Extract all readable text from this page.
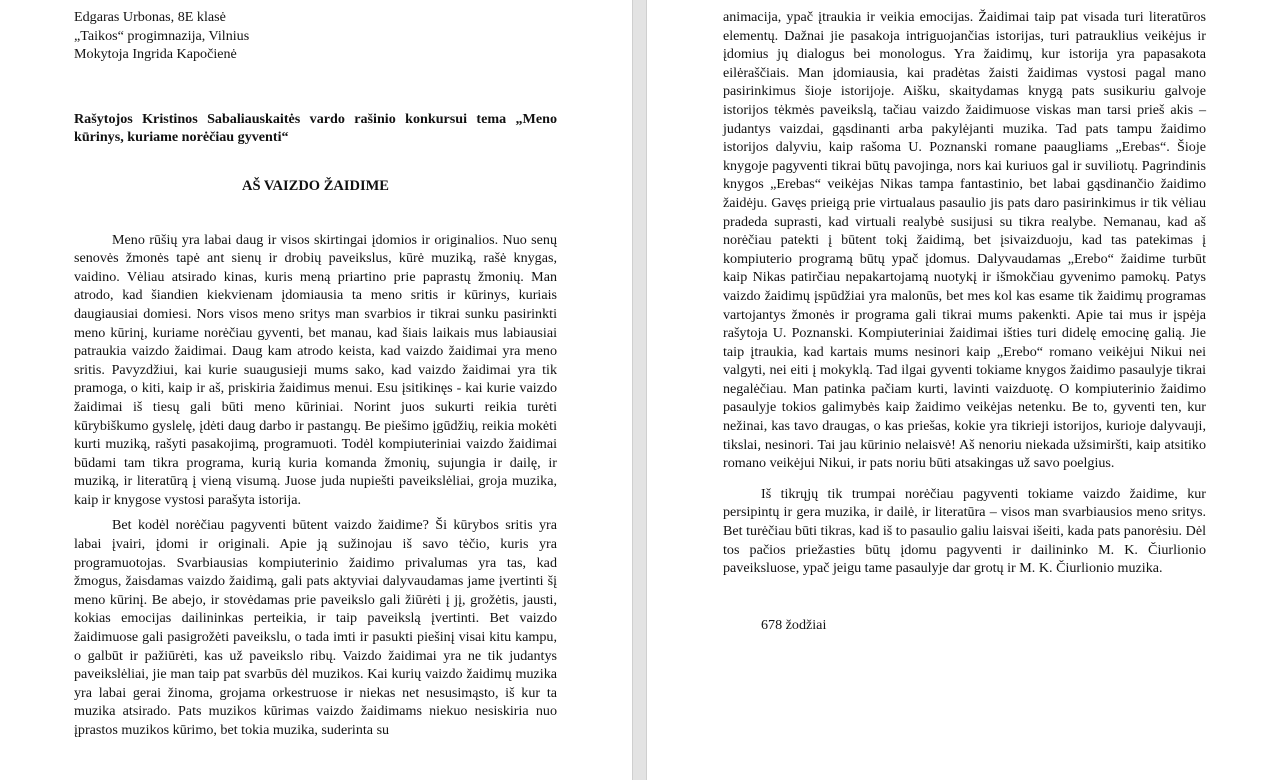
Edgaras Urbonas, 8E klasė

„Taikos“ progimnazija, Vilnius

Mokytoja Ingrida Kapočienė

Rašytojos Kristinos Sabaliauskaitės vardo rašinio konkursui tema „Meno kūrinys, kuriame norėčiau gyventi“

AŠ VAIZDO ŽAIDIME

Meno rūšių yra labai daug ir visos skirtingai įdomios ir originalios. Nuo senų senovės žmonės tapė ant sienų ir drobių paveikslus, kūrė muziką, rašė knygas, vaidino. Vėliau atsirado kinas, kuris meną priartino prie paprastų žmonių. Man atrodo, kad šiandien kiekvienam įdomiausia ta meno sritis ir kūrinys, kuriais daugiausiai domiesi. Nors visos meno sritys man svarbios ir tikrai sunku pasirinkti meno kūrinį, kuriame norėčiau gyventi, bet manau, kad šiais laikais mus labiausiai patraukia vaizdo žaidimai. Daug kam atrodo keista, kad vaizdo žaidimai yra meno sritis. Pavyzdžiui, kai kurie suaugusieji mums sako, kad vaizdo žaidimai yra tik pramoga, o kiti, kaip ir aš, priskiria žaidimus menui. Esu įsitikinęs - kai kurie vaizdo žaidimai iš tiesų gali būti meno kūriniai. Norint juos sukurti reikia turėti kūrybiškumo gyslelę, įdėti daug darbo ir pastangų. Be piešimo įgūdžių, reikia mokėti kurti muziką, rašyti pasakojimą, programuoti. Todėl kompiuteriniai vaizdo žaidimai būdami tam tikra programa, kurią kuria komanda žmonių, sujungia ir dailę, ir muziką, ir literatūrą į vieną visumą. Juose juda nupiešti paveikslėliai, groja muzika, kaip ir knygose vystosi parašyta istorija.

Bet kodėl norėčiau pagyventi būtent vaizdo žaidime? Ši kūrybos sritis yra labai įvairi, įdomi ir originali. Apie ją sužinojau iš savo tėčio, kuris yra programuotojas. Svarbiausias kompiuterinio žaidimo privalumas yra tas, kad žmogus, žaisdamas vaizdo žaidimą, gali pats aktyviai dalyvaudamas jame įvertinti šį meno kūrinį. Be abejo, ir stovėdamas prie paveikslo gali žiūrėti į jį, grožėtis, jausti, kokias emocijas dailininkas perteikia, ir taip paveikslą įvertinti. Bet vaizdo žaidimuose gali pasigrožėti paveikslu, o tada imti ir pasukti piešinį visai kitu kampu, o galbūt ir pažiūrėti, kas už paveikslo ribų. Vaizdo žaidimai yra ne tik judantys paveikslėliai, jie man taip pat svarbūs dėl muzikos. Kai kurių vaizdo žaidimų muzika yra labai gerai žinoma, grojama orkestruose ir niekas net nesusimąsto, iš kur ta muzika atsirado. Pats muzikos kūrimas vaizdo žaidimams niekuo nesiskiria nuo įprastos muzikos kūrimo, bet tokia muzika, suderinta su

animacija, ypač įtraukia ir veikia emocijas. Žaidimai taip pat visada turi literatūros elementų. Dažnai jie pasakoja intriguojančias istorijas, turi patrauklius veikėjus ir įdomius jų dialogus bei monologus. Yra žaidimų, kur istorija yra papasakota eilėraščiais. Man įdomiausia, kai pradėtas žaisti žaidimas vystosi pagal mano pasirinkimus šioje istorijoje. Aišku, skaitydamas knygą pats susikuriu galvoje istorijos tėkmės paveikslą, tačiau vaizdo žaidimuose viskas man tarsi prieš akis – judantys vaizdai, gąsdinanti arba pakylėjanti muzika. Tad pats tampu žaidimo istorijos dalyviu, kaip rašoma U. Poznanski romane paaugliams „Erebas“. Šioje knygoje pagyventi tikrai būtų pavojinga, nors kai kuriuos gal ir suviliotų. Pagrindinis knygos „Erebas“ veikėjas Nikas tampa fantastinio, bet labai gąsdinančio žaidimo žaidėju. Gavęs prieigą prie virtualaus pasaulio jis pats daro pasirinkimus ir tik vėliau pradeda suprasti, kad virtuali realybė susijusi su tikra realybe. Nemanau, kad aš norėčiau patekti į būtent tokį žaidimą, bet įsivaizduoju, kad tas patekimas į kompiuterio programą būtų ypač įdomus. Dalyvaudamas „Erebo“ žaidime turbūt kaip Nikas patirčiau nepakartojamą nuotykį ir išmokčiau gyvenimo pamokų. Patys vaizdo žaidimų įspūdžiai yra malonūs, bet mes kol kas esame tik žaidimų programas vartojantys žmonės ir programa gali tikrai mums pakenkti. Apie tai mus ir įspėja rašytoja U. Poznanski. Kompiuteriniai žaidimai išties turi didelę emocinę galią. Jie taip įtraukia, kad kartais mums nesinori kaip „Erebo“ romano veikėjui Nikui nei valgyti, nei eiti į mokyklą. Tad ilgai gyventi tokiame knygos žaidimo pasaulyje tikrai negalėčiau. Man patinka pačiam kurti, lavinti vaizduotę. O kompiuterinio žaidimo pasaulyje tokios galimybės kaip žaidimo veikėjas netenku. Be to, gyventi ten, kur nežinai, kas tavo draugas, o kas priešas, kokie yra tikrieji istorijos, kurioje dalyvauji, tikslai, nesinori. Tai jau kūrinio nelaisvė! Aš nenoriu niekada užsimiršti, kaip atsitiko romano veikėjui Nikui, ir pats noriu būti atsakingas už savo poelgius.

Iš tikrųjų tik trumpai norėčiau pagyventi tokiame vaizdo žaidime, kur persipintų ir gera muzika, ir dailė, ir literatūra – visos man svarbiausios meno sritys. Bet turėčiau būti tikras, kad iš to pasaulio galiu laisvai išeiti, kada pats panorėsiu. Dėl tos pačios priežasties būtų įdomu pagyventi ir dailininko M. K. Čiurlionio paveiksluose, ypač jeigu tame pasaulyje dar grotų ir M. K. Čiurlionio muzika.

678 žodžiai
